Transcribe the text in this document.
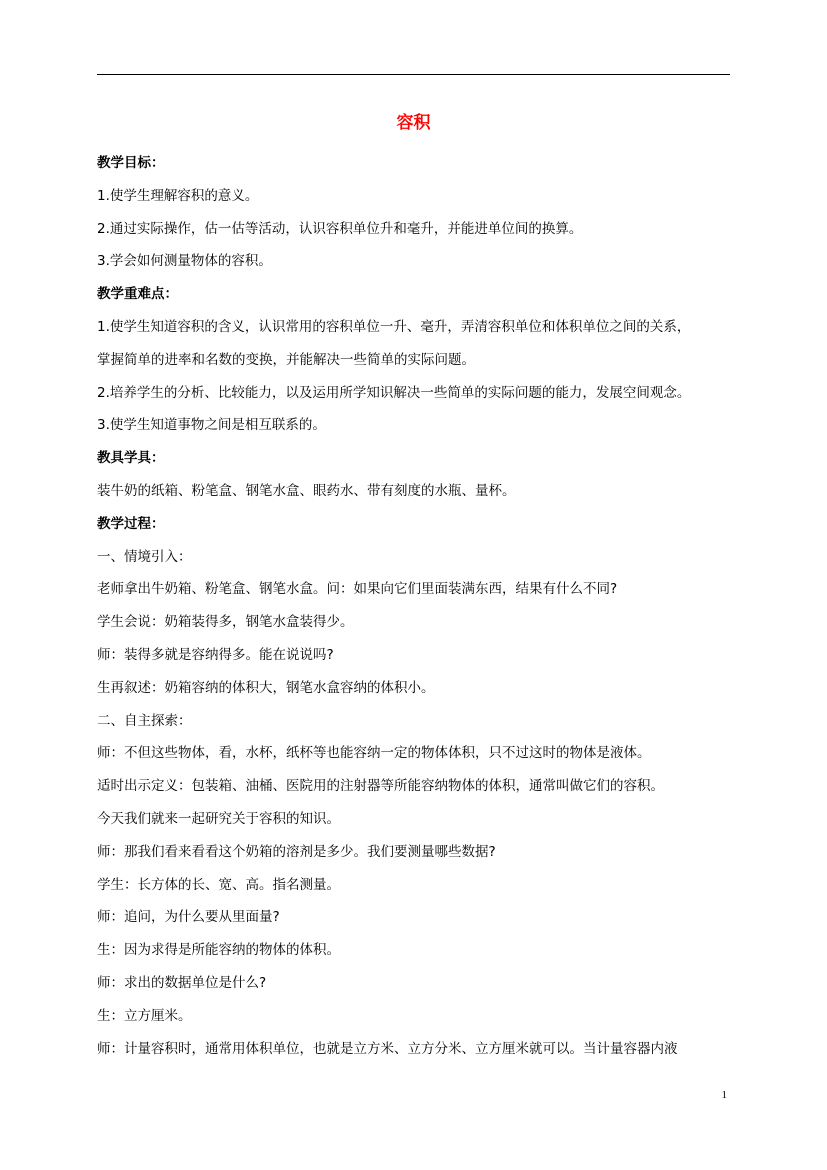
容积
教学目标：
1.使学生理解容积的意义。
2.通过实际操作，估一估等活动，认识容积单位升和毫升，并能进单位间的换算。
3.学会如何测量物体的容积。
教学重难点：
1.使学生知道容积的含义，认识常用的容积单位一升、毫升，弄清容积单位和体积单位之间的关系，
掌握简单的进率和名数的变换，并能解决一些简单的实际问题。
2.培养学生的分析、比较能力，以及运用所学知识解决一些简单的实际问题的能力，发展空间观念。
3.使学生知道事物之间是相互联系的。
教具学具：
装牛奶的纸箱、粉笔盒、钢笔水盒、眼药水、带有刻度的水瓶、量杯。
教学过程：
一、情境引入：
老师拿出牛奶箱、粉笔盒、钢笔水盒。问：如果向它们里面装满东西，结果有什么不同?
学生会说：奶箱装得多，钢笔水盒装得少。
师：装得多就是容纳得多。能在说说吗?
生再叙述：奶箱容纳的体积大，钢笔水盒容纳的体积小。
二、自主探索：
师：不但这些物体，看，水杯，纸杯等也能容纳一定的物体体积，只不过这时的物体是液体。
适时出示定义：包装箱、油桶、医院用的注射器等所能容纳物体的体积，通常叫做它们的容积。
今天我们就来一起研究关于容积的知识。
师：那我们看来看看这个奶箱的溶剂是多少。我们要测量哪些数据?
学生：长方体的长、宽、高。指名测量。
师：追问，为什么要从里面量?
生：因为求得是所能容纳的物体的体积。
师：求出的数据单位是什么?
生：立方厘米。
师：计量容积时，通常用体积单位，也就是立方米、立方分米、立方厘米就可以。当计量容器内液
1
